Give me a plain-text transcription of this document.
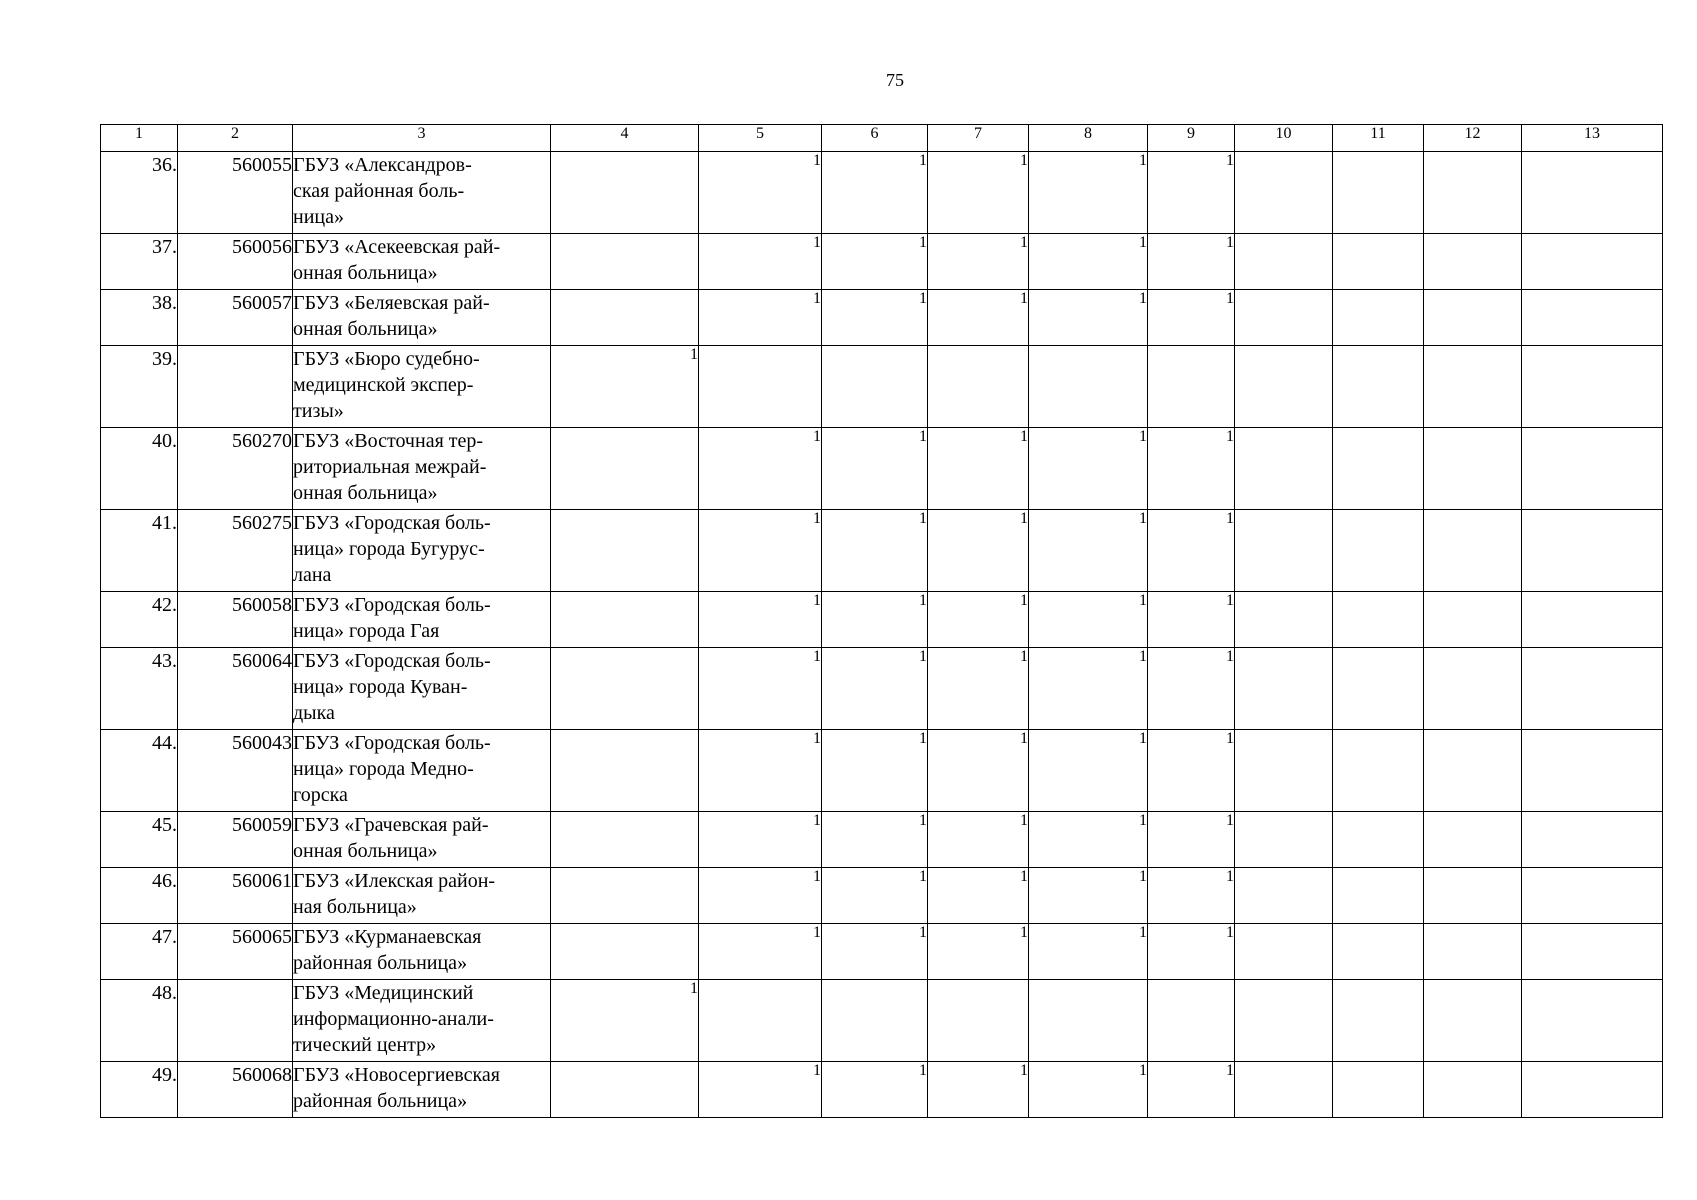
75
1	2	3	4	5	6	7	8	9	10	11	12	13
36.	560055	ГБУЗ «Александров-
ская районная боль-
ница»		1	1	1	1	1				
37.	560056	ГБУЗ «Асекеевская рай-
онная больница»		1	1	1	1	1				
38.	560057	ГБУЗ «Беляевская рай-
онная больница»		1	1	1	1	1				
39.		ГБУЗ «Бюро судебно-
медицинской экспер-
тизы»	1									
40.	560270	ГБУЗ «Восточная тер-
риториальная межрай-
онная больница»		1	1	1	1	1				
41.	560275	ГБУЗ «Городская боль-
ница» города Бугурус-
лана		1	1	1	1	1				
42.	560058	ГБУЗ «Городская боль-
ница» города Гая		1	1	1	1	1				
43.	560064	ГБУЗ «Городская боль-
ница» города Куван-
дыка		1	1	1	1	1				
44.	560043	ГБУЗ «Городская боль-
ница» города Медно-
горска		1	1	1	1	1				
45.	560059	ГБУЗ «Грачевская рай-
онная больница»		1	1	1	1	1				
46.	560061	ГБУЗ «Илекская район-
ная больница»		1	1	1	1	1				
47.	560065	ГБУЗ «Курманаевская
районная больница»		1	1	1	1	1				
48.		ГБУЗ «Медицинский
информационно-анали-
тический центр»	1									
49.	560068	ГБУЗ «Новосергиевская
районная больница»		1	1	1	1	1				
